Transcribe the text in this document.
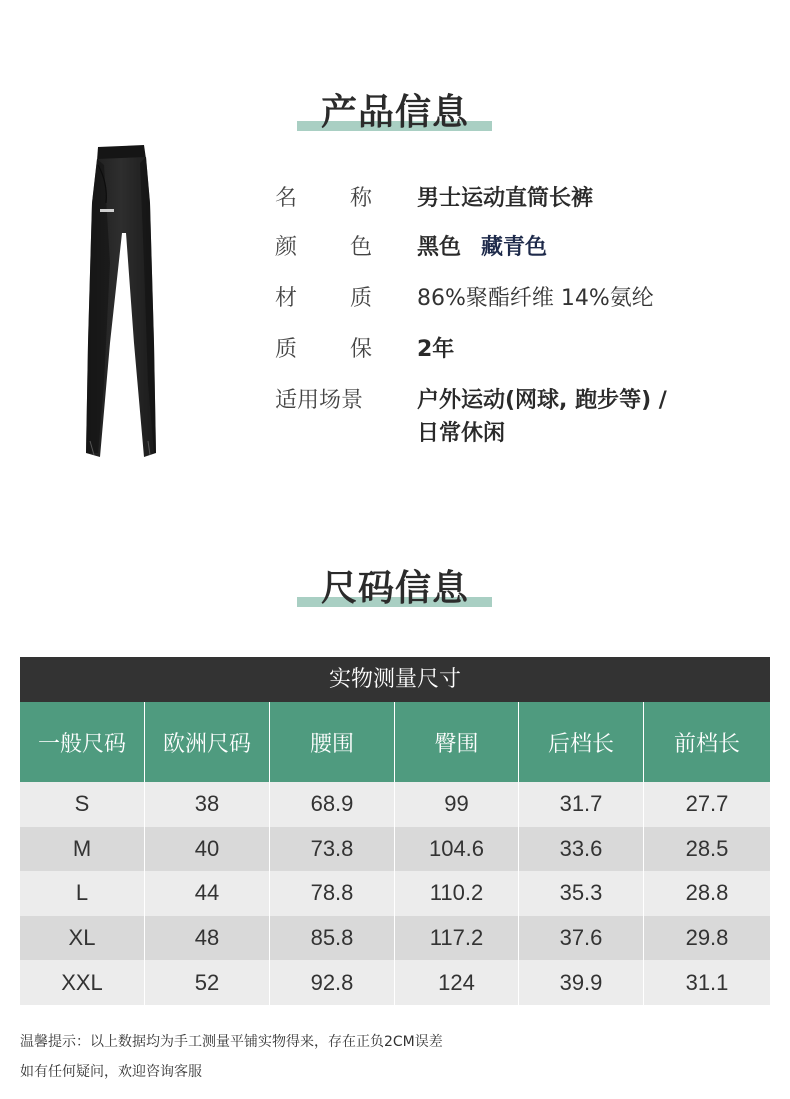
产品信息
名 称 男士运动直筒长裤
颜 色 黑色 藏青色
材 质 86%聚酯纤维 14%氨纶
质 保 2年
适用场景 户外运动(网球, 跑步等) /
日常休闲
尺码信息
实物测量尺寸
一般尺码	欧洲尺码	腰围	臀围	后档长	前档长
S	38	68.9	99	31.7	27.7
M	40	73.8	104.6	33.6	28.5
L	44	78.8	110.2	35.3	28.8
XL	48	85.8	117.2	37.6	29.8
XXL	52	92.8	124	39.9	31.1
温馨提示：以上数据均为手工测量平铺实物得来，存在正负2CM误差
如有任何疑问，欢迎咨询客服
